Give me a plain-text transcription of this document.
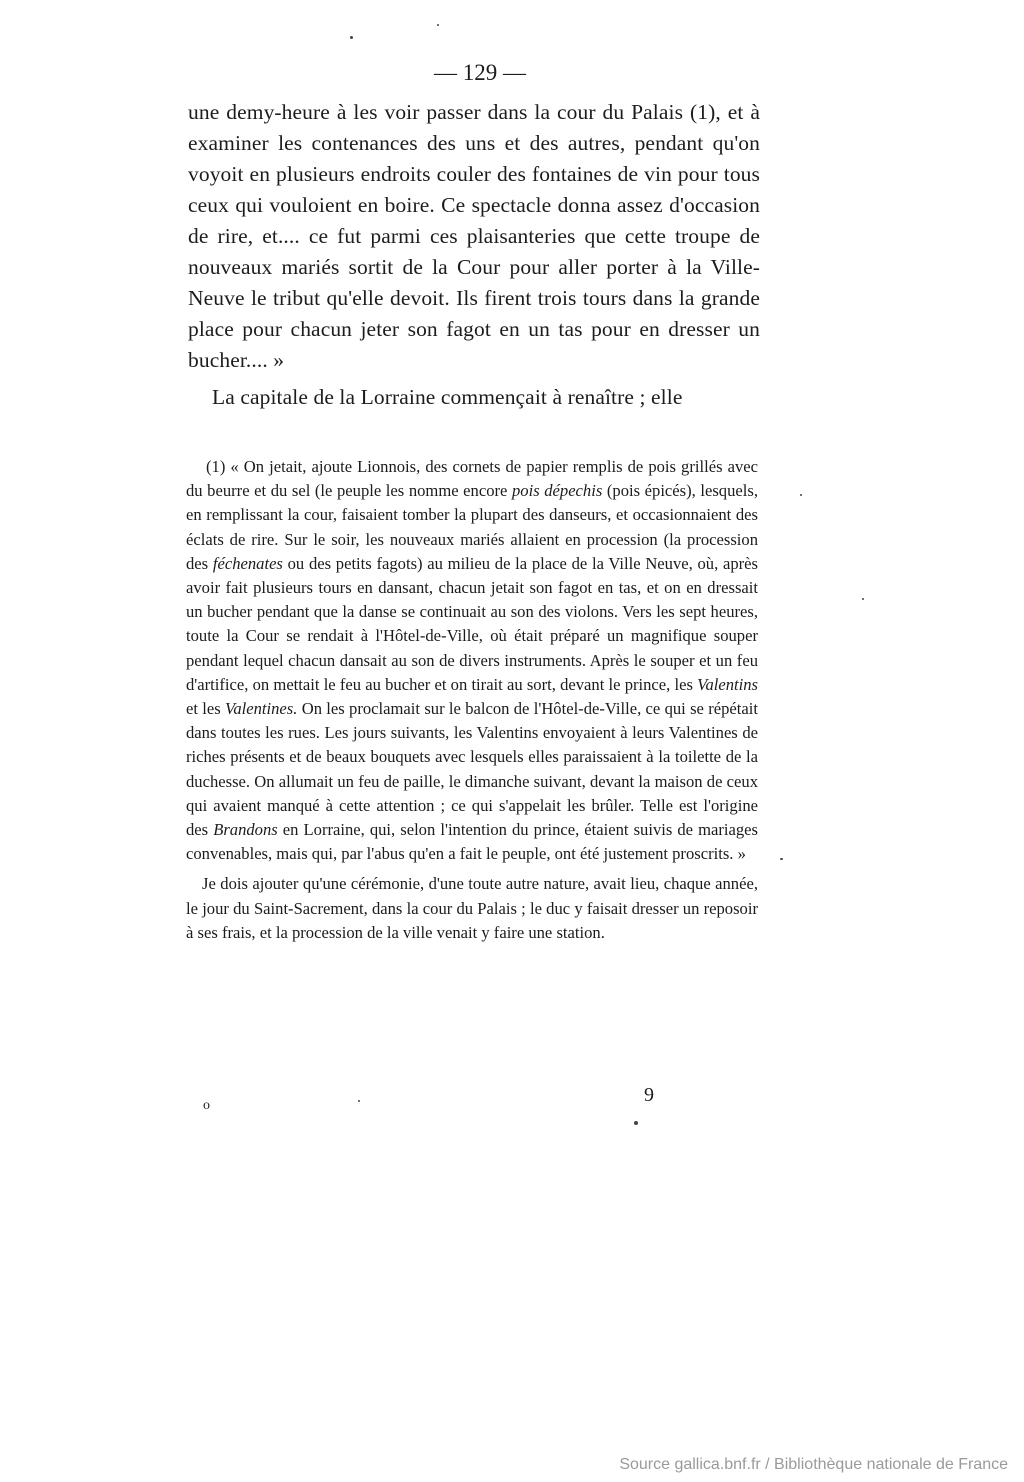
— 129 —

une demy-heure à les voir passer dans la cour du Palais (1), et à examiner les contenances des uns et des autres, pendant qu'on voyoit en plusieurs endroits couler des fontaines de vin pour tous ceux qui vouloient en boire. Ce spectacle donna assez d'occasion de rire, et.... ce fut parmi ces plaisanteries que cette troupe de nouveaux mariés sortit de la Cour pour aller porter à la Ville-Neuve le tribut qu'elle devoit. Ils firent trois tours dans la grande place pour chacun jeter son fagot en un tas pour en dresser un bucher.... »

La capitale de la Lorraine commençait à renaître ; elle

(1) « On jetait, ajoute Lionnois, des cornets de papier remplis de pois grillés avec du beurre et du sel (le peuple les nomme encore pois dépechis (pois épicés), lesquels, en remplissant la cour, faisaient tomber la plupart des danseurs, et occasionnaient des éclats de rire. Sur le soir, les nouveaux mariés allaient en procession (la procession des féchenates ou des petits fagots) au milieu de la place de la Ville Neuve, où, après avoir fait plusieurs tours en dansant, chacun jetait son fagot en tas, et on en dressait un bucher pendant que la danse se continuait au son des violons. Vers les sept heures, toute la Cour se rendait à l'Hôtel-de-Ville, où était préparé un magnifique souper pendant lequel chacun dansait au son de divers instruments. Après le souper et un feu d'artifice, on mettait le feu au bucher et on tirait au sort, devant le prince, les Valentins et les Valentines. On les proclamait sur le balcon de l'Hôtel-de-Ville, ce qui se répétait dans toutes les rues. Les jours suivants, les Valentins envoyaient à leurs Valentines de riches présents et de beaux bouquets avec lesquels elles paraissaient à la toilette de la duchesse. On allumait un feu de paille, le dimanche suivant, devant la maison de ceux qui avaient manqué à cette attention ; ce qui s'appelait les brûler. Telle est l'origine des Brandons en Lorraine, qui, selon l'intention du prince, étaient suivis de mariages convenables, mais qui, par l'abus qu'en a fait le peuple, ont été justement proscrits. »

Je dois ajouter qu'une cérémonie, d'une toute autre nature, avait lieu, chaque année, le jour du Saint-Sacrement, dans la cour du Palais ; le duc y faisait dresser un reposoir à ses frais, et la procession de la ville venait y faire une station.

o	9
Source gallica.bnf.fr / Bibliothèque nationale de France
